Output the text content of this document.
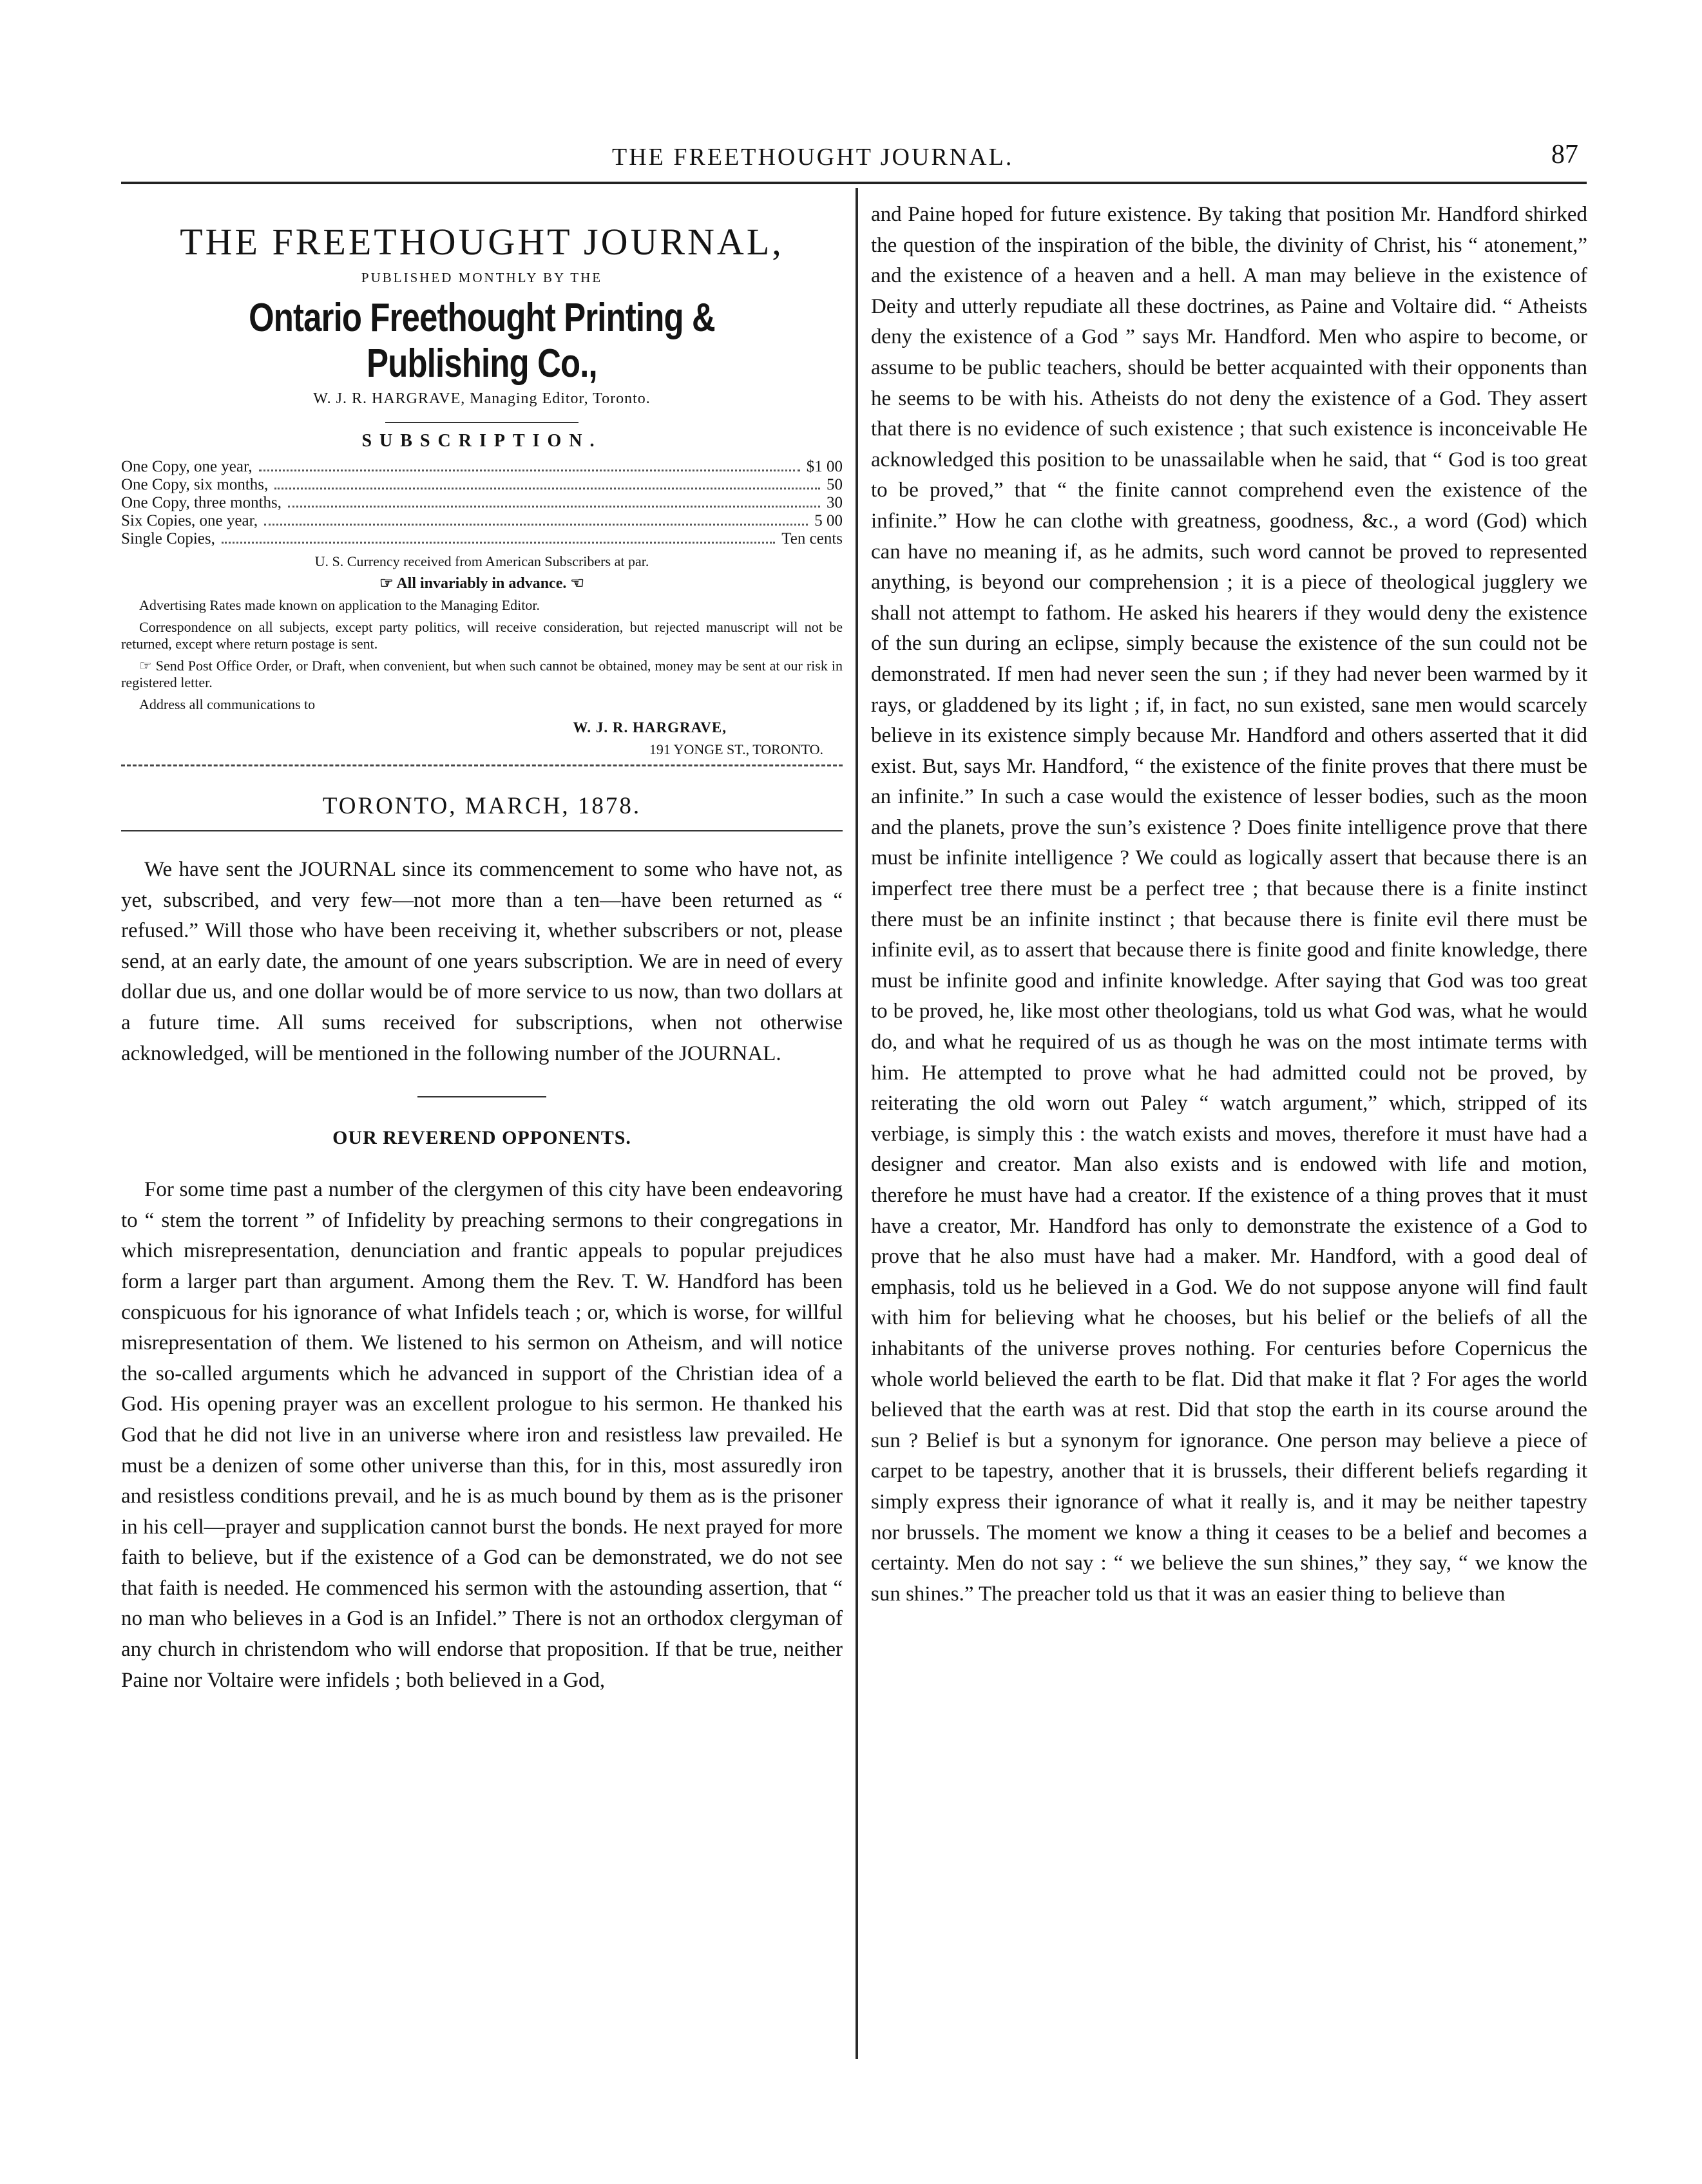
THE FREETHOUGHT JOURNAL.	87
THE FREETHOUGHT JOURNAL,
PUBLISHED MONTHLY BY THE
Ontario Freethought Printing & Publishing Co.,
W. J. R. HARGRAVE, Managing Editor, Toronto.
SUBSCRIPTION.
One Copy, one year,	$1 00
One Copy, six months,	50
One Copy, three months,	30
Six Copies, one year,	5 00
Single Copies,	Ten cents
U. S. Currency received from American Subscribers at par.
☞ All invariably in advance. ☜
Advertising Rates made known on application to the Managing Editor.
Correspondence on all subjects, except party politics, will receive consideration, but rejected manuscript will not be returned, except where return postage is sent.
☞ Send Post Office Order, or Draft, when convenient, but when such cannot be obtained, money may be sent at our risk in registered letter.
Address all communications to
W. J. R. HARGRAVE,
191 YONGE ST., TORONTO.
TORONTO, MARCH, 1878.

We have sent the JOURNAL since its commencement to some who have not, as yet, subscribed, and very few—not more than a ten—have been returned as “ refused.” Will those who have been receiving it, whether subscribers or not, please send, at an early date, the amount of one years subscription. We are in need of every dollar due us, and one dollar would be of more service to us now, than two dollars at a future time. All sums received for subscriptions, when not otherwise acknowledged, will be mentioned in the following number of the JOURNAL.

OUR REVEREND OPPONENTS.

For some time past a number of the clergymen of this city have been endeavoring to “ stem the torrent ” of Infidelity by preaching sermons to their congregations in which misrepresentation, denunciation and frantic appeals to popular prejudices form a larger part than argument. Among them the Rev. T. W. Handford has been conspicuous for his ignorance of what Infidels teach ; or, which is worse, for willful misrepresentation of them. We listened to his sermon on Atheism, and will notice the so-called arguments which he advanced in support of the Christian idea of a God. His opening prayer was an excellent prologue to his sermon. He thanked his God that he did not live in an universe where iron and resistless law prevailed. He must be a denizen of some other universe than this, for in this, most assuredly iron and resistless conditions prevail, and he is as much bound by them as is the prisoner in his cell—prayer and supplication cannot burst the bonds. He next prayed for more faith to believe, but if the existence of a God can be demonstrated, we do not see that faith is needed. He commenced his sermon with the astounding assertion, that “ no man who believes in a God is an Infidel.” There is not an orthodox clergyman of any church in christendom who will endorse that proposition. If that be true, neither Paine nor Voltaire were infidels ; both believed in a God,

and Paine hoped for future existence. By taking that position Mr. Handford shirked the question of the inspiration of the bible, the divinity of Christ, his “ atonement,” and the existence of a heaven and a hell. A man may believe in the existence of Deity and utterly repudiate all these doctrines, as Paine and Voltaire did. “ Atheists deny the existence of a God ” says Mr. Handford. Men who aspire to become, or assume to be public teachers, should be better acquainted with their opponents than he seems to be with his. Atheists do not deny the existence of a God. They assert that there is no evidence of such existence ; that such existence is inconceivable He acknowledged this position to be unassailable when he said, that “ God is too great to be proved,” that “ the finite cannot comprehend even the existence of the infinite.” How he can clothe with greatness, goodness, &c., a word (God) which can have no meaning if, as he admits, such word cannot be proved to represented anything, is beyond our comprehension ; it is a piece of theological jugglery we shall not attempt to fathom. He asked his hearers if they would deny the existence of the sun during an eclipse, simply because the existence of the sun could not be demonstrated. If men had never seen the sun ; if they had never been warmed by it rays, or gladdened by its light ; if, in fact, no sun existed, sane men would scarcely believe in its existence simply because Mr. Handford and others asserted that it did exist. But, says Mr. Handford, “ the existence of the finite proves that there must be an infinite.” In such a case would the existence of lesser bodies, such as the moon and the planets, prove the sun’s existence ? Does finite intelligence prove that there must be infinite intelligence ? We could as logically assert that because there is an imperfect tree there must be a perfect tree ; that because there is a finite instinct there must be an infinite instinct ; that because there is finite evil there must be infinite evil, as to assert that because there is finite good and finite knowledge, there must be infinite good and infinite knowledge. After saying that God was too great to be proved, he, like most other theologians, told us what God was, what he would do, and what he required of us as though he was on the most intimate terms with him. He attempted to prove what he had admitted could not be proved, by reiterating the old worn out Paley “ watch argument,” which, stripped of its verbiage, is simply this : the watch exists and moves, therefore it must have had a designer and creator. Man also exists and is endowed with life and motion, therefore he must have had a creator. If the existence of a thing proves that it must have a creator, Mr. Handford has only to demonstrate the existence of a God to prove that he also must have had a maker. Mr. Handford, with a good deal of emphasis, told us he believed in a God. We do not suppose anyone will find fault with him for believing what he chooses, but his belief or the beliefs of all the inhabitants of the universe proves nothing. For centuries before Copernicus the whole world believed the earth to be flat. Did that make it flat ? For ages the world believed that the earth was at rest. Did that stop the earth in its course around the sun ? Belief is but a synonym for ignorance. One person may believe a piece of carpet to be tapestry, another that it is brussels, their different beliefs regarding it simply express their ignorance of what it really is, and it may be neither tapestry nor brussels. The moment we know a thing it ceases to be a belief and becomes a certainty. Men do not say : “ we believe the sun shines,” they say, “ we know the sun shines.” The preacher told us that it was an easier thing to believe than
